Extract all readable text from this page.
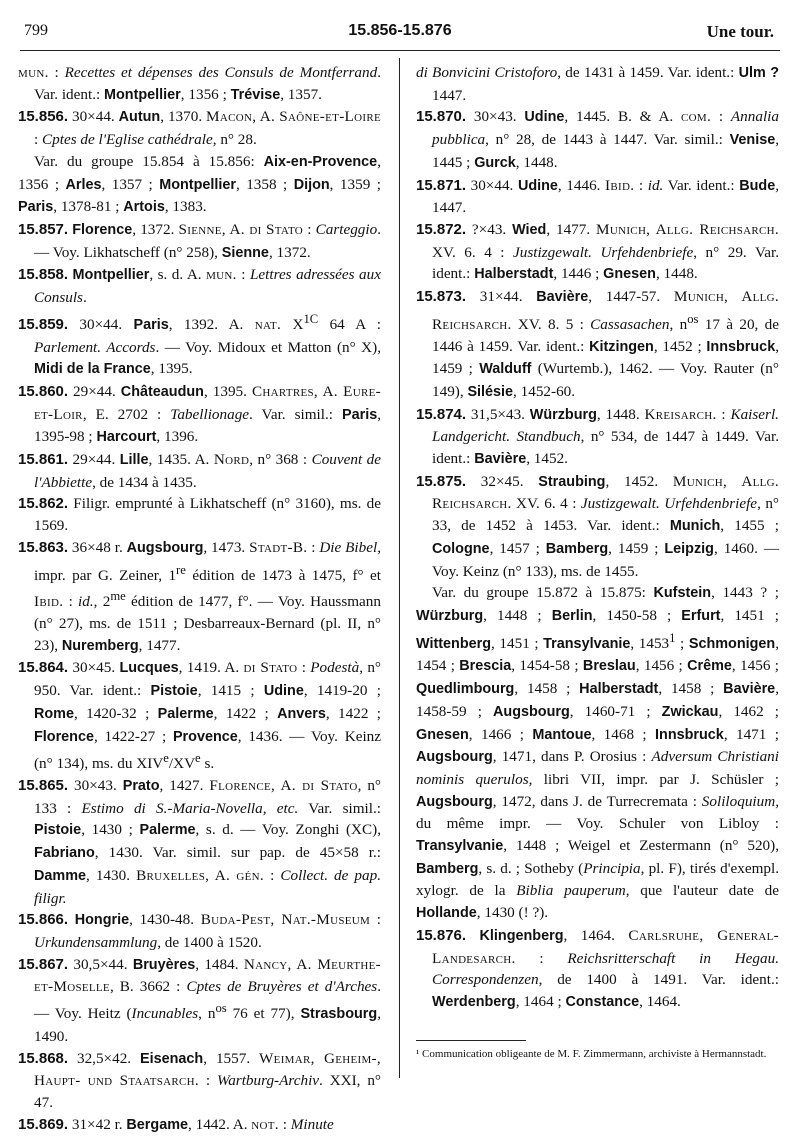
799	15.856-15.876	Une tour.

mun. : Recettes et dépenses des Consuls de Montferrand. Var. ident.: Montpellier, 1356 ; Trévise, 1357.

15.856. 30×44. Autun, 1370. Macon, A. Saône-et-Loire : Cptes de l'Eglise cathédrale, n° 28.

Var. du groupe 15.854 à 15.856: Aix-en-Provence, 1356 ; Arles, 1357 ; Montpellier, 1358 ; Dijon, 1359 ; Paris, 1378-81 ; Artois, 1383.

15.857. Florence, 1372. Sienne, A. di Stato : Carteggio. — Voy. Likhatscheff (n° 258), Sienne, 1372.

15.858. Montpellier, s. d. A. mun. : Lettres adressées aux Consuls.

15.859. 30×44. Paris, 1392. A. nat. $X^{1C}$ 64 A : Parlement. Accords. — Voy. Midoux et Matton (n° X), Midi de la France, 1395.

15.860. 29×44. Châteaudun, 1395. Chartres, A. Eure-et-Loir, E. 2702 : Tabellionage. Var. simil.: Paris, 1395-98 ; Harcourt, 1396.

15.861. 29×44. Lille, 1435. A. Nord, n° 368 : Couvent de l'Abbiette, de 1434 à 1435.

15.862. Filigr. emprunté à Likhatscheff (n° 3160), ms. de 1569.

15.863. 36×48 r. Augsbourg, 1473. Stadt-B. : Die Bibel, impr. par G. Zeiner, 1re édition de 1473 à 1475, f° et Ibid. : id., $2^{me}$ édition de 1477, f°. — Voy. Haussmann (n° 27), ms. de 1511 ; Desbarreaux-Bernard (pl. II, n° 23), Nuremberg, 1477.

15.864. 30×45. Lucques, 1419. A. di Stato : Podestà, n° 950. Var. ident.: Pistoie, 1415 ; Udine, 1419-20 ; Rome, 1420-32 ; Palerme, 1422 ; Anvers, 1422 ; Florence, 1422-27 ; Provence, 1436. — Voy. Keinz (n° 134), ms. du XIVe/XVe s.

15.865. 30×43. Prato, 1427. Florence, A. di Stato, n° 133 : Estimo di S.-Maria-Novella, etc. Var. simil.: Pistoie, 1430 ; Palerme, s. d. — Voy. Zonghi (XC), Fabriano, 1430. Var. simil. sur pap. de 45×58 r.: Damme, 1430. Bruxelles, A. gén. : Collect. de pap. filigr.

15.866. Hongrie, 1430-48. Buda-Pest, Nat.-Museum : Urkundensammlung, de 1400 à 1520.

15.867. 30,5×44. Bruyères, 1484. Nancy, A. Meurthe-et-Moselle, B. 3662 : Cptes de Bruyères et d'Arches. — Voy. Heitz (Incunables, $n^{os}$ 76 et 77), Strasbourg, 1490.

15.868. 32,5×42. Eisenach, 1557. Weimar, Geheim-, Haupt- und Staatsarch. : Wartburg-Archiv. XXI, n° 47.

15.869. 31×42 r. Bergame, 1442. A. not. : Minute

di Bonvicini Cristoforo, de 1431 à 1459. Var. ident.: Ulm ? 1447.

15.870. 30×43. Udine, 1445. B. & A. com. : Annalia pubblica, n° 28, de 1443 à 1447. Var. simil.: Venise, 1445 ; Gurck, 1448.

15.871. 30×44. Udine, 1446. Ibid. : id. Var. ident.: Bude, 1447.

15.872. ?×43. Wied, 1477. Munich, Allg. Reichsarch. XV. 6. 4 : Justizgewalt. Urfehdenbriefe, n° 29. Var. ident.: Halberstadt, 1446 ; Gnesen, 1448.

15.873. 31×44. Bavière, 1447-57. Munich, Allg. Reichsarch. XV. 8. 5 : Cassasachen, $n^{os}$ 17 à 20, de 1446 à 1459. Var. ident.: Kitzingen, 1452 ; Innsbruck, 1459 ; Walduff (Wurtemb.), 1462. — Voy. Rauter (n° 149), Silésie, 1452-60.

15.874. 31,5×43. Würzburg, 1448. Kreisarch. : Kaiserl. Landgericht. Standbuch, n° 534, de 1447 à 1449. Var. ident.: Bavière, 1452.

15.875. 32×45. Straubing, 1452. Munich, Allg. Reichsarch. XV. 6. 4 : Justizgewalt. Urfehdenbriefe, n° 33, de 1452 à 1453. Var. ident.: Munich, 1455 ; Cologne, 1457 ; Bamberg, 1459 ; Leipzig, 1460. — Voy. Keinz (n° 133), ms. de 1455.

Var. du groupe 15.872 à 15.875: Kufstein, 1443 ? ; Würzburg, 1448 ; Berlin, 1450-58 ; Erfurt, 1451 ; Wittenberg, 1451 ; Transylvanie, 1453$^1$ ; Schmonigen, 1454 ; Brescia, 1454-58 ; Breslau, 1456 ; Crême, 1456 ; Quedlimbourg, 1458 ; Halberstadt, 1458 ; Bavière, 1458-59 ; Augsbourg, 1460-71 ; Zwickau, 1462 ; Gnesen, 1466 ; Mantoue, 1468 ; Innsbruck, 1471 ; Augsbourg, 1471, dans P. Orosius : Adversum Christiani nominis querulos, libri VII, impr. par J. Schüsler ; Augsbourg, 1472, dans J. de Turrecremata : Soliloquium, du même impr. — Voy. Schuler von Libloy : Transylvanie, 1448 ; Weigel et Zestermann (n° 520), Bamberg, s. d. ; Sotheby (Principia, pl. F), tirés d'exempl. xylogr. de la Biblia pauperum, que l'auteur date de Hollande, 1430 (! ?).

15.876. Klingenberg, 1464. Carlsruhe, General-Landesarch. : Reichsritterschaft in Hegau. Correspondenzen, de 1400 à 1491. Var. ident.: Werdenberg, 1464 ; Constance, 1464.

¹ Communication obligeante de M. F. Zimmermann, archiviste à Hermannstadt.
